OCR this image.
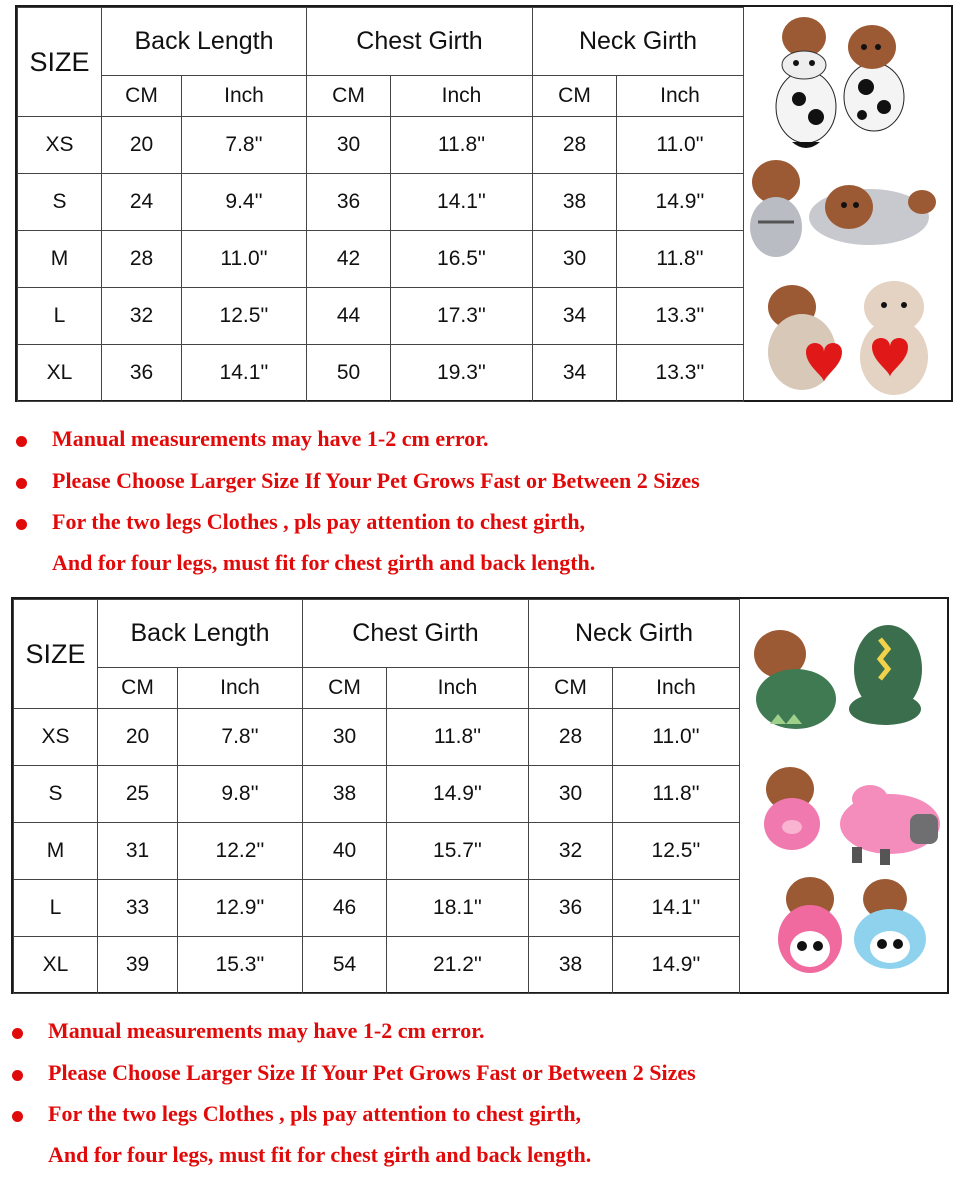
SIZE	Back Length		Chest Girth		Neck Girth	
	CM	Inch	CM	Inch	CM	Inch
XS	20	7.8''	30	11.8''	28	11.0''
S	24	9.4''	36	14.1''	38	14.9''
M	28	11.0''	42	16.5''	30	11.8''
L	32	12.5''	44	17.3''	34	13.3''
XL	36	14.1''	50	19.3''	34	13.3''
Manual measurements may have 1-2 cm error.
Please Choose Larger Size If Your Pet Grows Fast or Between 2 Sizes
For the two legs Clothes , pls pay attention to chest girth,
And for four legs, must fit for chest girth and back length.
SIZE	Back Length		Chest Girth		Neck Girth	
	CM	Inch	CM	Inch	CM	Inch
XS	20	7.8''	30	11.8''	28	11.0''
S	25	9.8''	38	14.9''	30	11.8''
M	31	12.2''	40	15.7''	32	12.5''
L	33	12.9''	46	18.1''	36	14.1''
XL	39	15.3''	54	21.2''	38	14.9''
Manual measurements may have 1-2 cm error.
Please Choose Larger Size If Your Pet Grows Fast or Between 2 Sizes
For the two legs Clothes , pls pay attention to chest girth,
And for four legs, must fit for chest girth and back length.
